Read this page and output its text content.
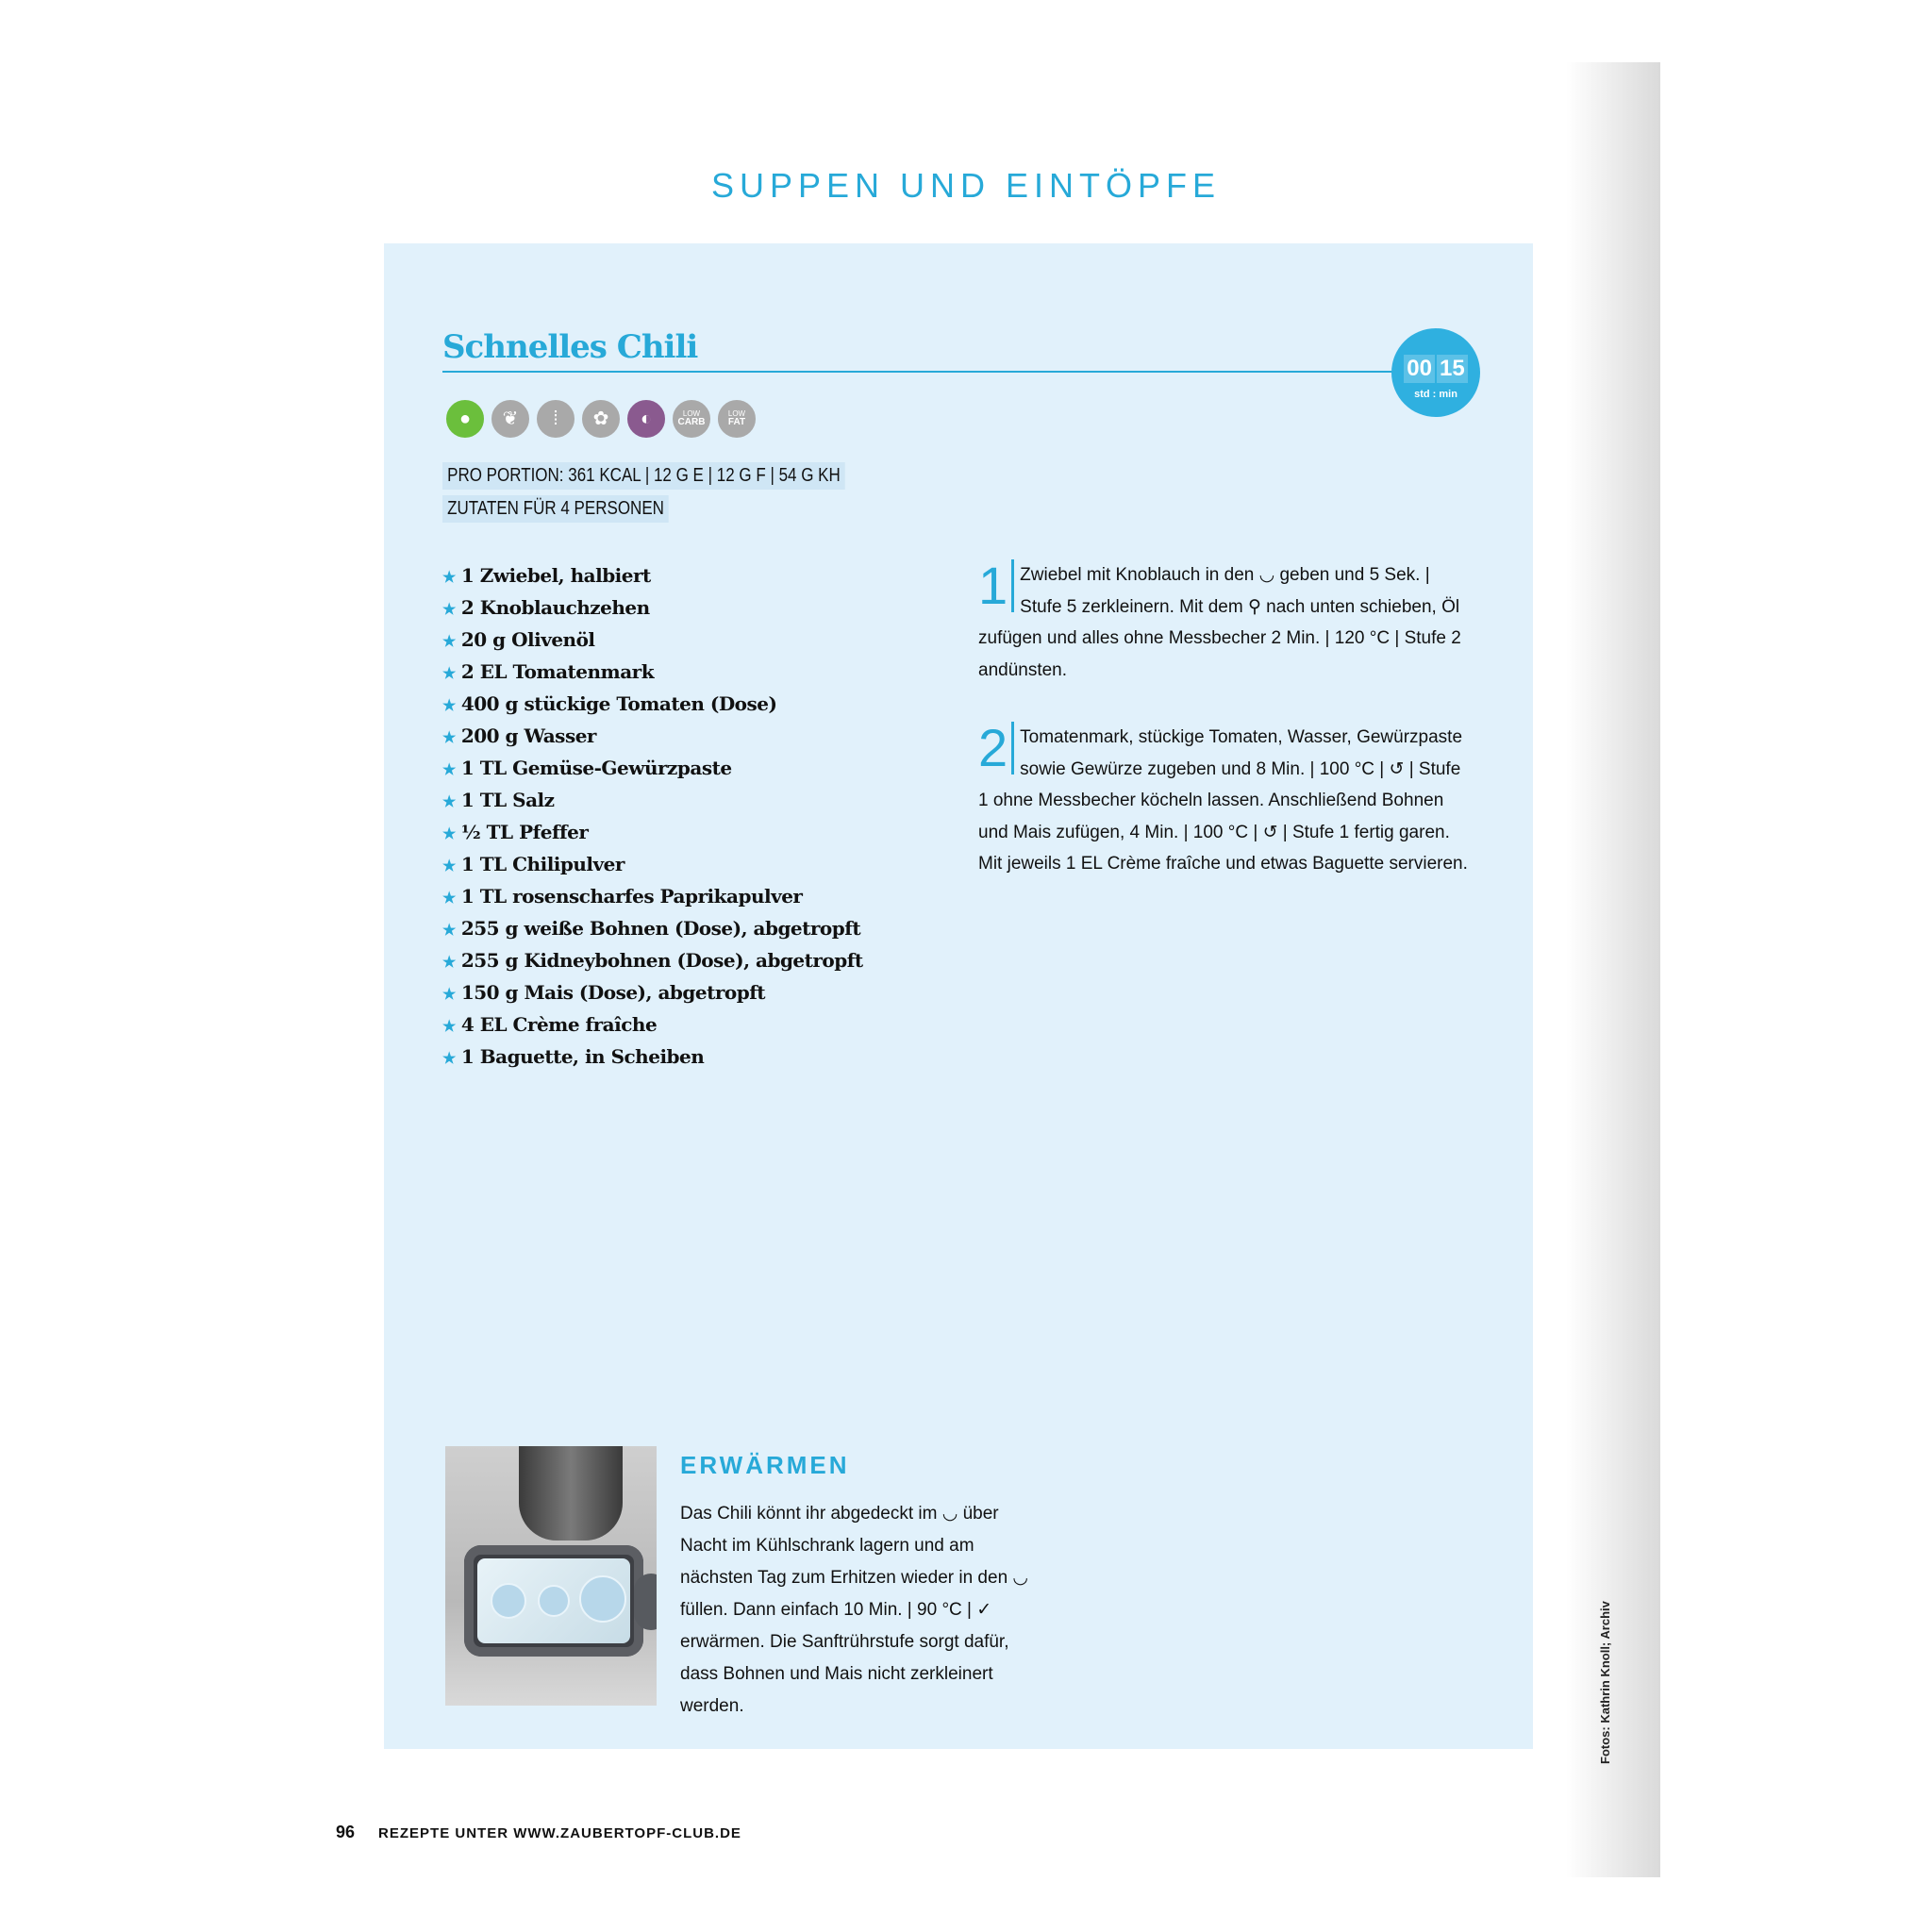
SUPPEN UND EINTÖPFE
Schnelles Chili
00 15
std : min
●	❦	⁞	✿	◐	LOW
CARB
LOW
FAT
PRO PORTION: 361 KCAL | 12 G E | 12 G F | 54 G KH
ZUTATEN FÜR 4 PERSONEN
★ 1 Zwiebel, halbiert
★ 2 Knoblauchzehen
★ 20 g Olivenöl
★ 2 EL Tomatenmark
★ 400 g stückige Tomaten (Dose)
★ 200 g Wasser
★ 1 TL Gemüse-Gewürzpaste
★ 1 TL Salz
★ ½ TL Pfeffer
★ 1 TL Chilipulver
★ 1 TL rosenscharfes Paprikapulver
★ 255 g weiße Bohnen (Dose), abgetropft
★ 255 g Kidneybohnen (Dose), abgetropft
★ 150 g Mais (Dose), abgetropft
★ 4 EL Crème fraîche
★ 1 Baguette, in Scheiben
1 Zwiebel mit Knoblauch in den ◡ geben und 5 Sek. | Stufe 5 zerkleinern. Mit dem ⚲ nach unten schieben, Öl zufügen und alles ohne Messbecher 2 Min. | 120 °C | Stufe 2 andünsten.
2 Tomatenmark, stückige Tomaten, Wasser, Gewürzpaste sowie Gewürze zugeben und 8 Min. | 100 °C | ↺ | Stufe 1 ohne Messbecher köcheln lassen. Anschließend Bohnen und Mais zufügen, 4 Min. | 100 °C | ↺ | Stufe 1 fertig garen. Mit jeweils 1 EL Crème fraîche und etwas Baguette servieren.
ERWÄRMEN
Das Chili könnt ihr abgedeckt im ◡ über Nacht im Kühlschrank lagern und am nächsten Tag zum Erhitzen wieder in den ◡ füllen. Dann einfach 10 Min. | 90 °C | ✓ erwärmen. Die Sanftrührstufe sorgt dafür, dass Bohnen und Mais nicht zerkleinert werden.	Fotos: Kathrin Knoll; Archiv
96 REZEPTE UNTER WWW.ZAUBERTOPF-CLUB.DE
